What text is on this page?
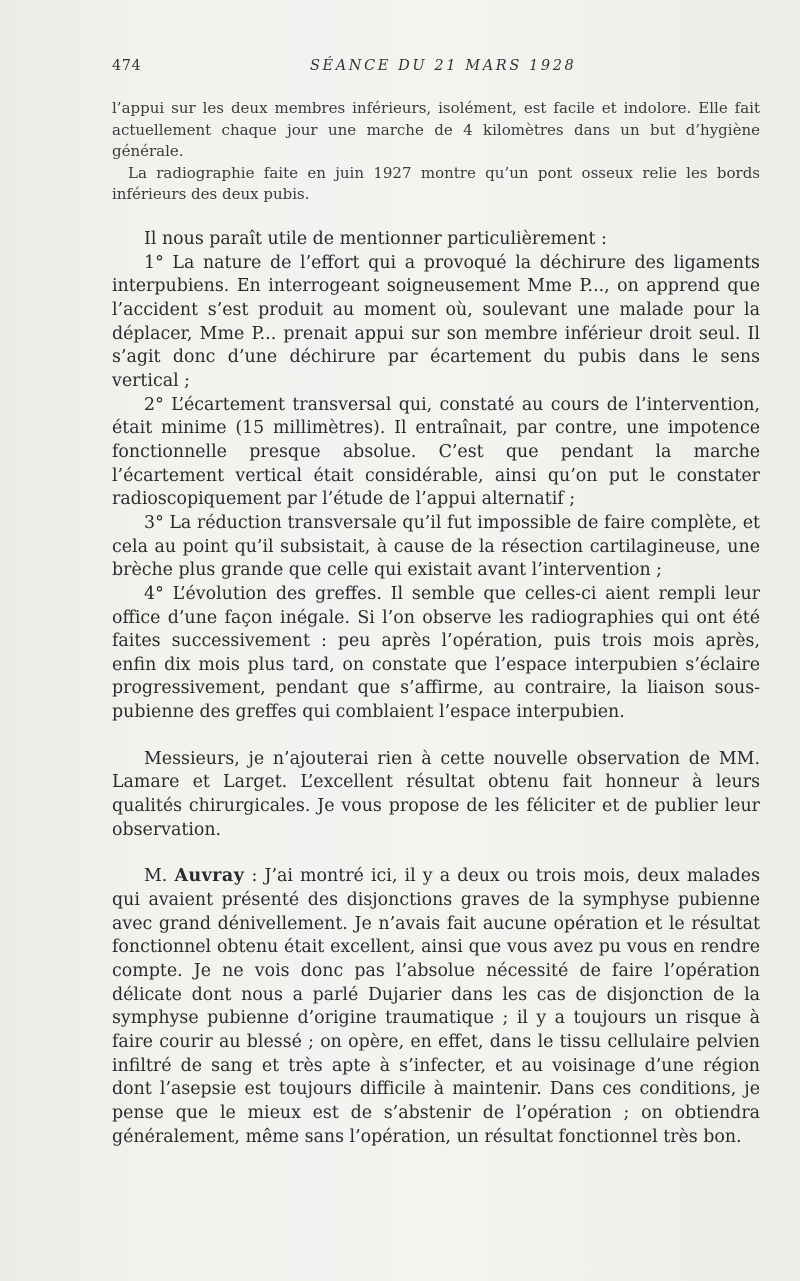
474	SÉANCE DU 21 MARS 1928

l’appui sur les deux membres inférieurs, isolément, est facile et indolore. Elle fait actuellement chaque jour une marche de 4 kilomètres dans un but d’hygiène générale.

La radiographie faite en juin 1927 montre qu’un pont osseux relie les bords inférieurs des deux pubis.

Il nous paraît utile de mentionner particulièrement :

1° La nature de l’effort qui a provoqué la déchirure des ligaments interpubiens. En interrogeant soigneusement Mme P..., on apprend que l’accident s’est produit au moment où, soulevant une malade pour la déplacer, Mme P... prenait appui sur son membre inférieur droit seul. Il s’agit donc d’une déchirure par écartement du pubis dans le sens vertical ;

2° L’écartement transversal qui, constaté au cours de l’intervention, était minime (15 millimètres). Il entraînait, par contre, une impotence fonctionnelle presque absolue. C’est que pendant la marche l’écartement vertical était considérable, ainsi qu’on put le constater radioscopiquement par l’étude de l’appui alternatif ;

3° La réduction transversale qu’il fut impossible de faire complète, et cela au point qu’il subsistait, à cause de la résection cartilagineuse, une brèche plus grande que celle qui existait avant l’intervention ;

4° L’évolution des greffes. Il semble que celles-ci aient rempli leur office d’une façon inégale. Si l’on observe les radiographies qui ont été faites successivement : peu après l’opération, puis trois mois après, enfin dix mois plus tard, on constate que l’espace interpubien s’éclaire progressivement, pendant que s’affirme, au contraire, la liaison sous-pubienne des greffes qui comblaient l’espace interpubien.

Messieurs, je n’ajouterai rien à cette nouvelle observation de MM. Lamare et Larget. L’excellent résultat obtenu fait honneur à leurs qualités chirurgicales. Je vous propose de les féliciter et de publier leur observation.

M. Auvray : J’ai montré ici, il y a deux ou trois mois, deux malades qui avaient présenté des disjonctions graves de la symphyse pubienne avec grand dénivellement. Je n’avais fait aucune opération et le résultat fonctionnel obtenu était excellent, ainsi que vous avez pu vous en rendre compte. Je ne vois donc pas l’absolue nécessité de faire l’opération délicate dont nous a parlé Dujarier dans les cas de disjonction de la symphyse pubienne d’origine traumatique ; il y a toujours un risque à faire courir au blessé ; on opère, en effet, dans le tissu cellulaire pelvien infiltré de sang et très apte à s’infecter, et au voisinage d’une région dont l’asepsie est toujours difficile à maintenir. Dans ces conditions, je pense que le mieux est de s’abstenir de l’opération ; on obtiendra généralement, même sans l’opération, un résultat fonctionnel très bon.
